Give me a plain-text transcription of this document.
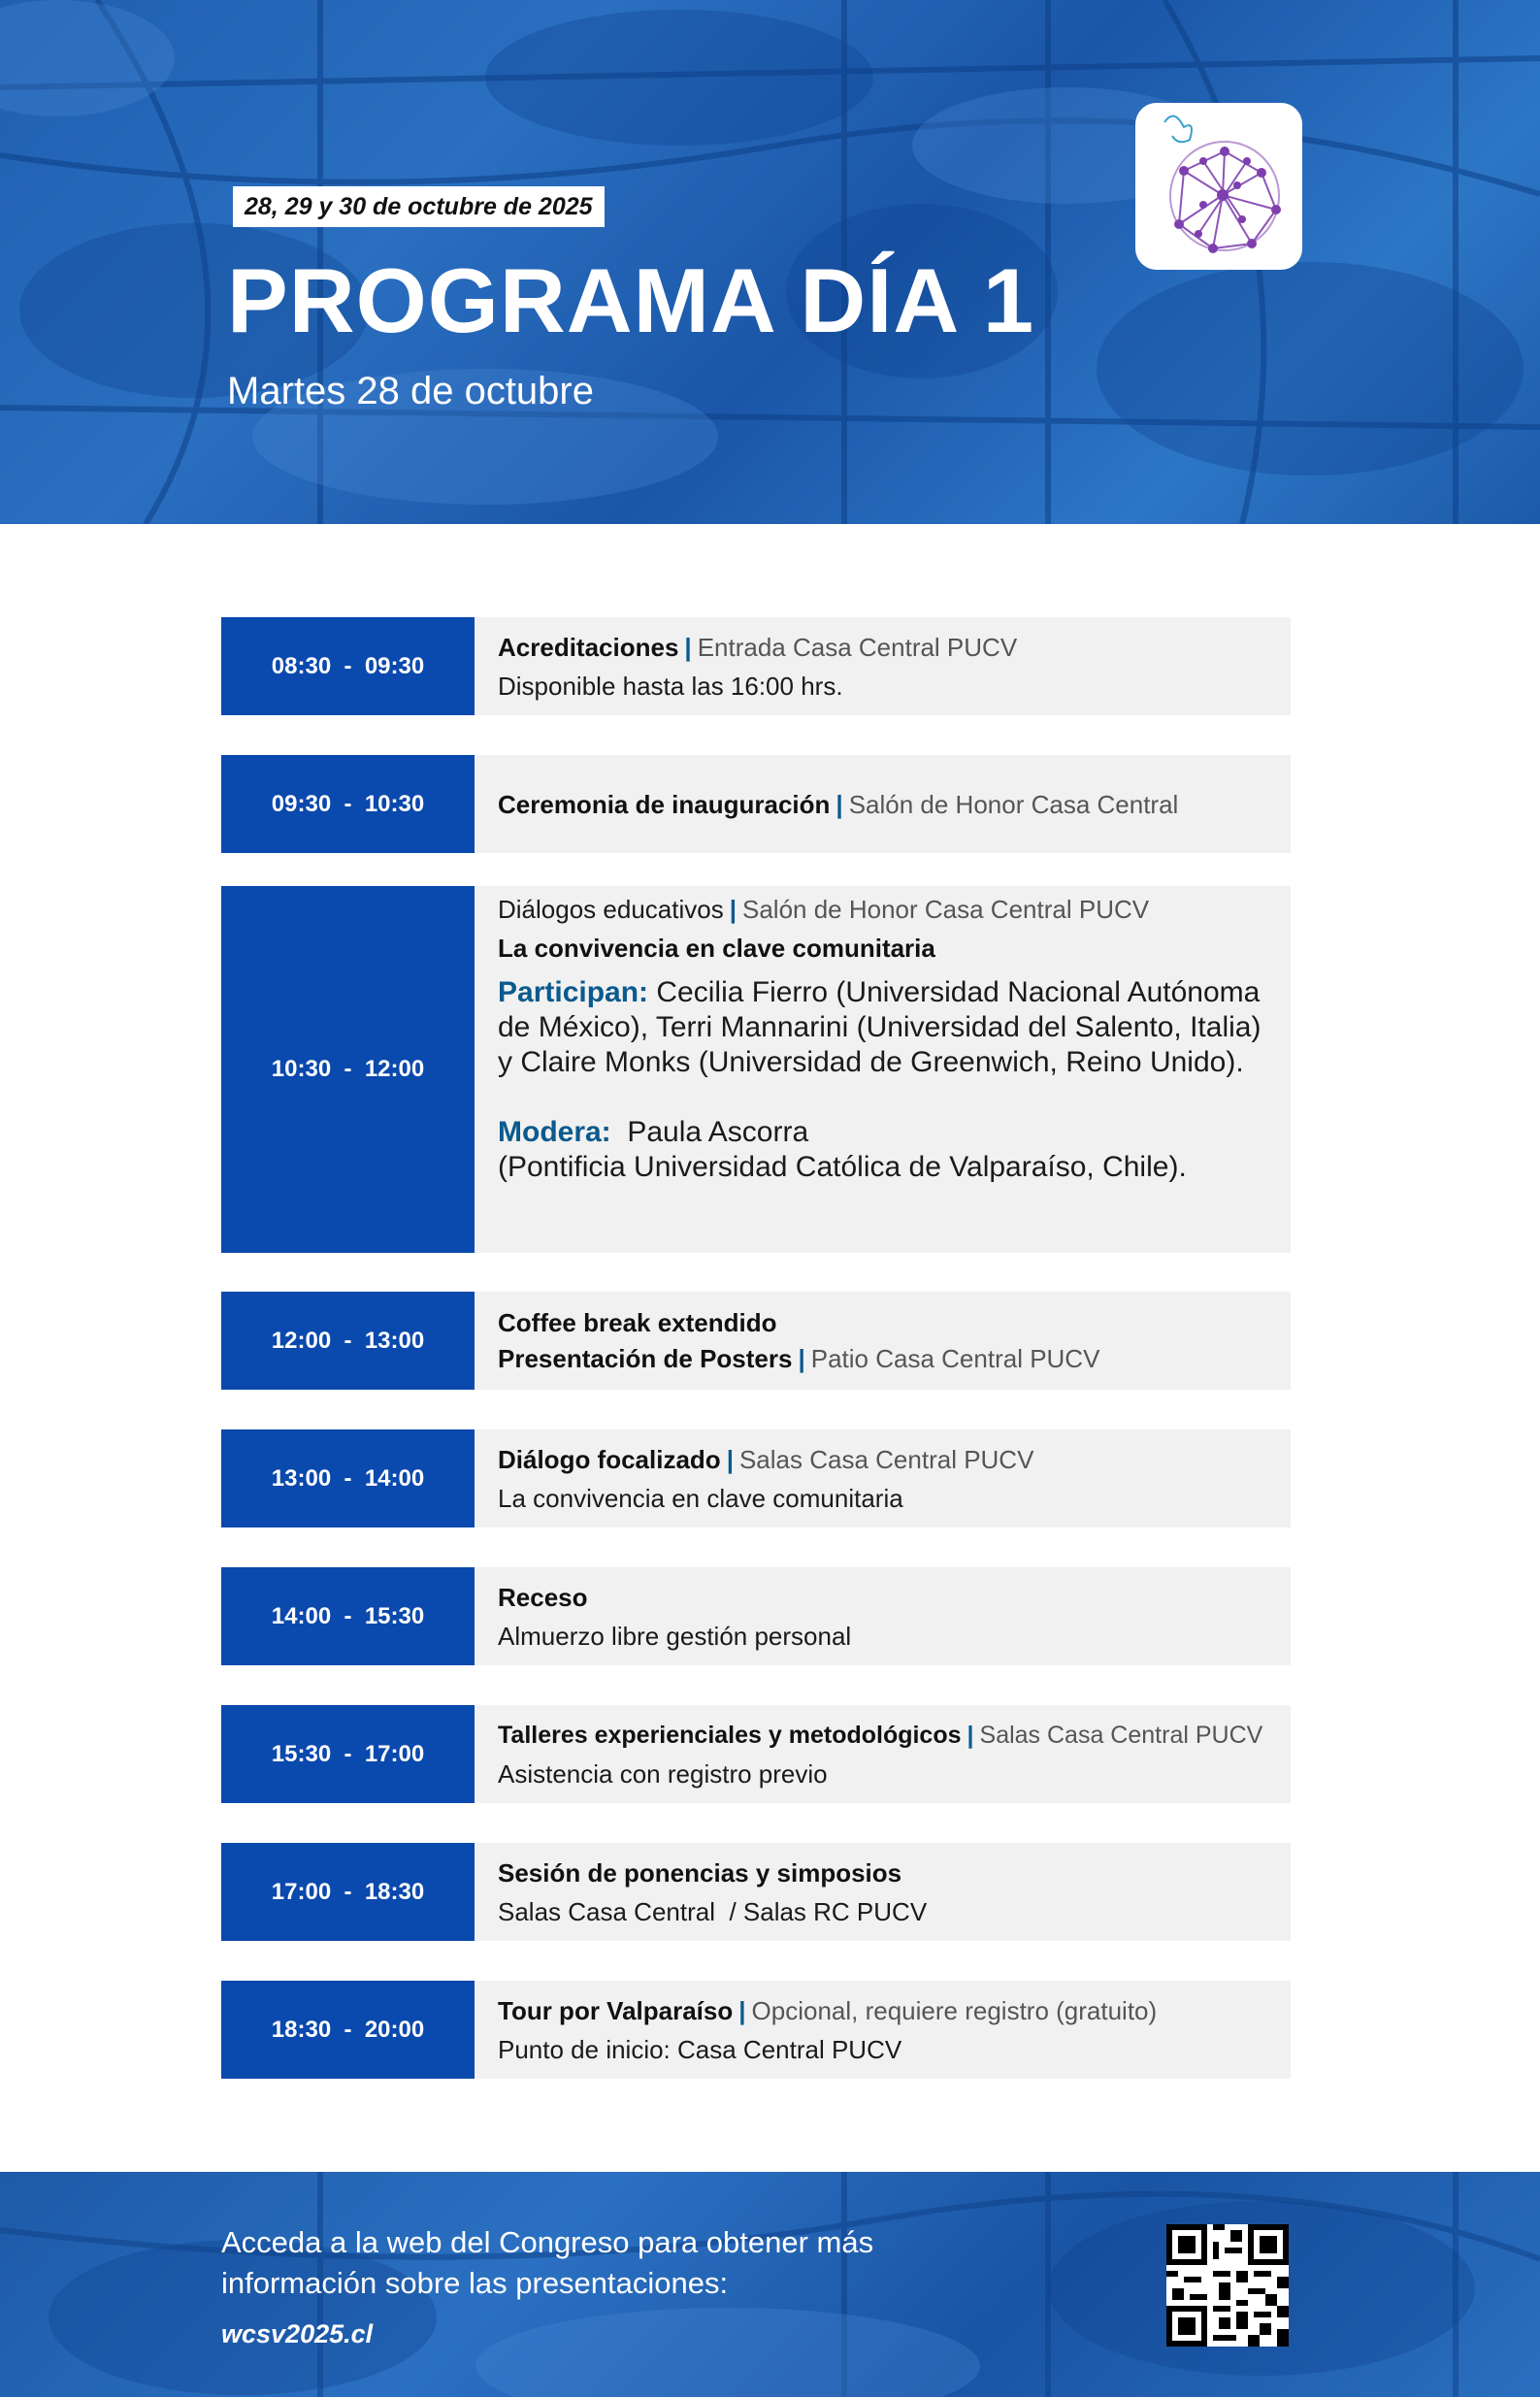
28, 29 y 30 de octubre de 2025
PROGRAMA DÍA 1
Martes 28 de octubre
08:30  -  09:30
Acreditaciones | Entrada Casa Central PUCV
Disponible hasta las 16:00 hrs.
09:30  -  10:30	Ceremonia de inauguración | Salón de Honor Casa Central
10:30  -  12:00
Diálogos educativos | Salón de Honor Casa Central PUCV
La convivencia en clave comunitaria
Participan: Cecilia Fierro (Universidad Nacional Autónoma de México), Terri Mannarini (Universidad del Salento, Italia) y Claire Monks (Universidad de Greenwich, Reino Unido).
Modera: Paula Ascorra
(Pontificia Universidad Católica de Valparaíso, Chile).
12:00  -  13:00
Coffee break extendido
Presentación de Posters | Patio Casa Central PUCV
13:00  -  14:00
Diálogo focalizado | Salas Casa Central PUCV
La convivencia en clave comunitaria
14:00  -  15:30
Receso
Almuerzo libre gestión personal
15:30  -  17:00
Talleres experienciales y metodológicos | Salas Casa Central PUCV
Asistencia con registro previo
17:00  -  18:30
Sesión de ponencias y simposios
Salas Casa Central  / Salas RC PUCV
18:30  -  20:00
Tour por Valparaíso | Opcional, requiere registro (gratuito)
Punto de inicio: Casa Central PUCV
Acceda a la web del Congreso para obtener más información sobre las presentaciones:
wcsv2025.cl
